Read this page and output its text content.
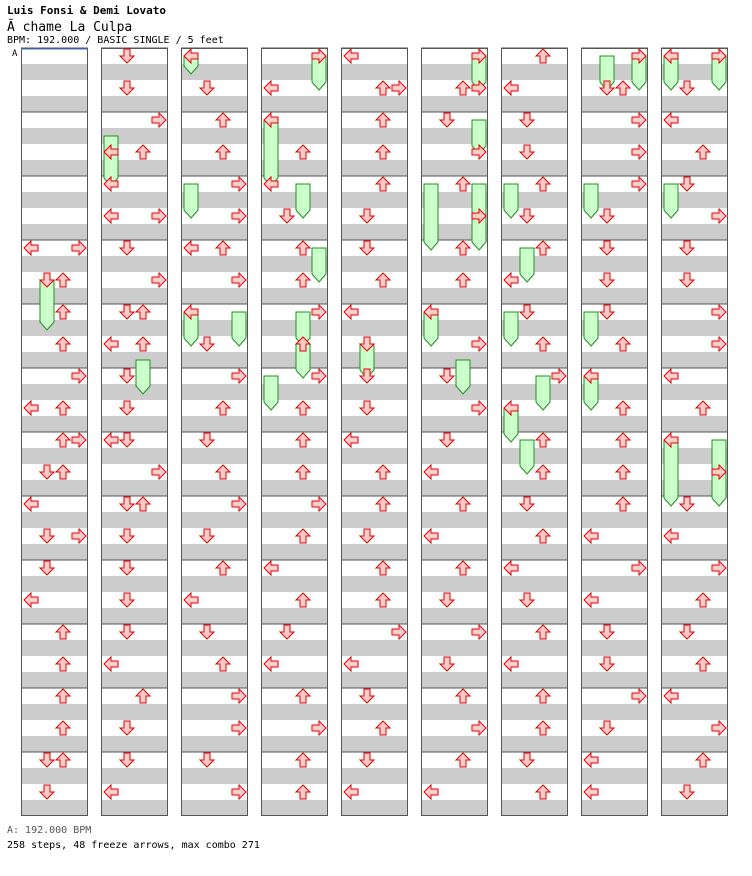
Luis Fonsi & Demi Lovato
Ã chame La Culpa
BPM: 192.000 / BASIC SINGLE / 5 feet
A
A: 192.000 BPM
258 steps, 48 freeze arrows, max combo 271
